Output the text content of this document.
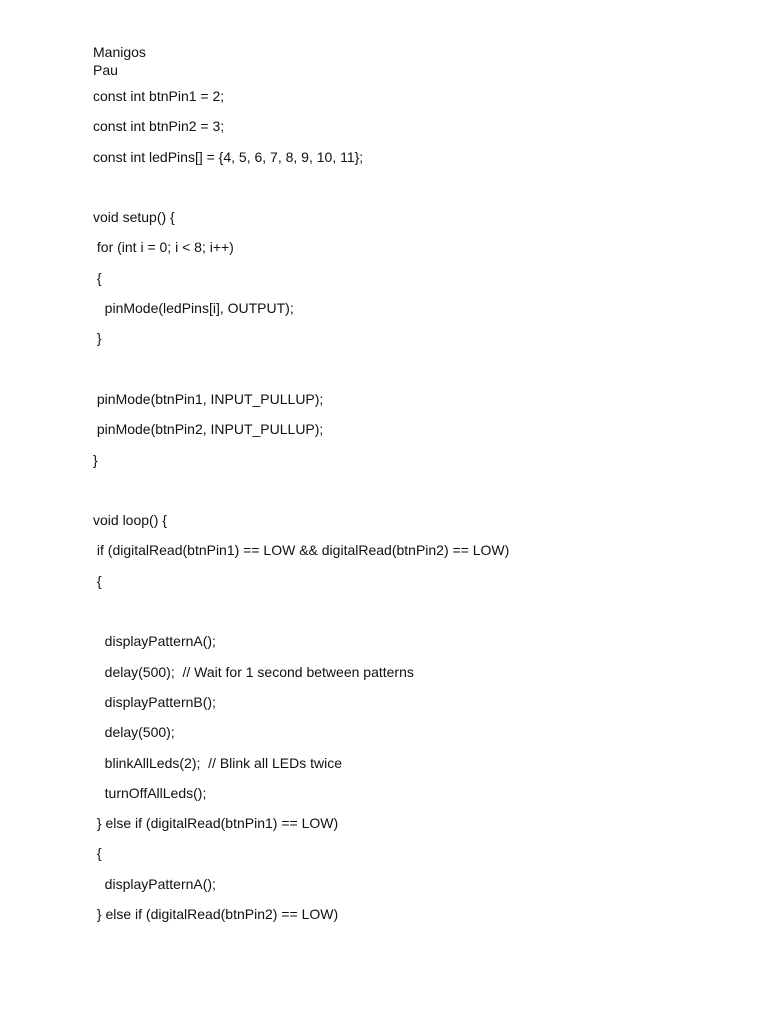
Manigos
Pau
const int btnPin1 = 2;
const int btnPin2 = 3;
const int ledPins[] = {4, 5, 6, 7, 8, 9, 10, 11};
void setup() {
for (int i = 0; i < 8; i++)
{
pinMode(ledPins[i], OUTPUT);
}
pinMode(btnPin1, INPUT_PULLUP);
pinMode(btnPin2, INPUT_PULLUP);
}
void loop() {
if (digitalRead(btnPin1) == LOW && digitalRead(btnPin2) == LOW)
{
displayPatternA();
delay(500);  // Wait for 1 second between patterns
displayPatternB();
delay(500);
blinkAllLeds(2);  // Blink all LEDs twice
turnOffAllLeds();
} else if (digitalRead(btnPin1) == LOW)
{
displayPatternA();
} else if (digitalRead(btnPin2) == LOW)
